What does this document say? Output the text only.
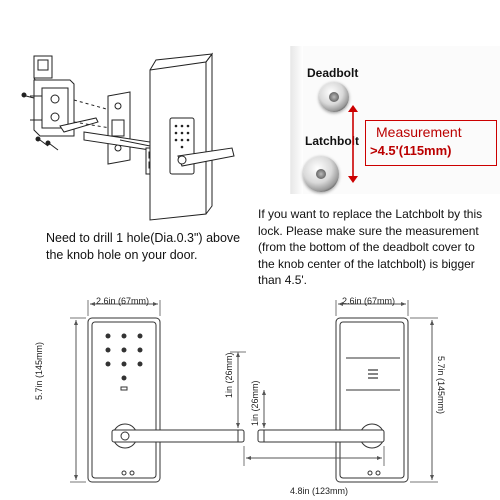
Deadbolt
Latchbolt
Measurement
>4.5'(115mm)
Need to drill 1 hole(Dia.0.3") above the knob hole on your door.
If you want to replace the Latchbolt by this lock. Please make sure the measurement (from the bottom of the deadbolt cover to the knob center of the latchbolt) is bigger than 4.5'.
2.6in (67mm)	2.6in (67mm)
5.7in (145mm)	5.7in (145mm)
1in (26mm)
1in (26mm)
4.8in (123mm)
